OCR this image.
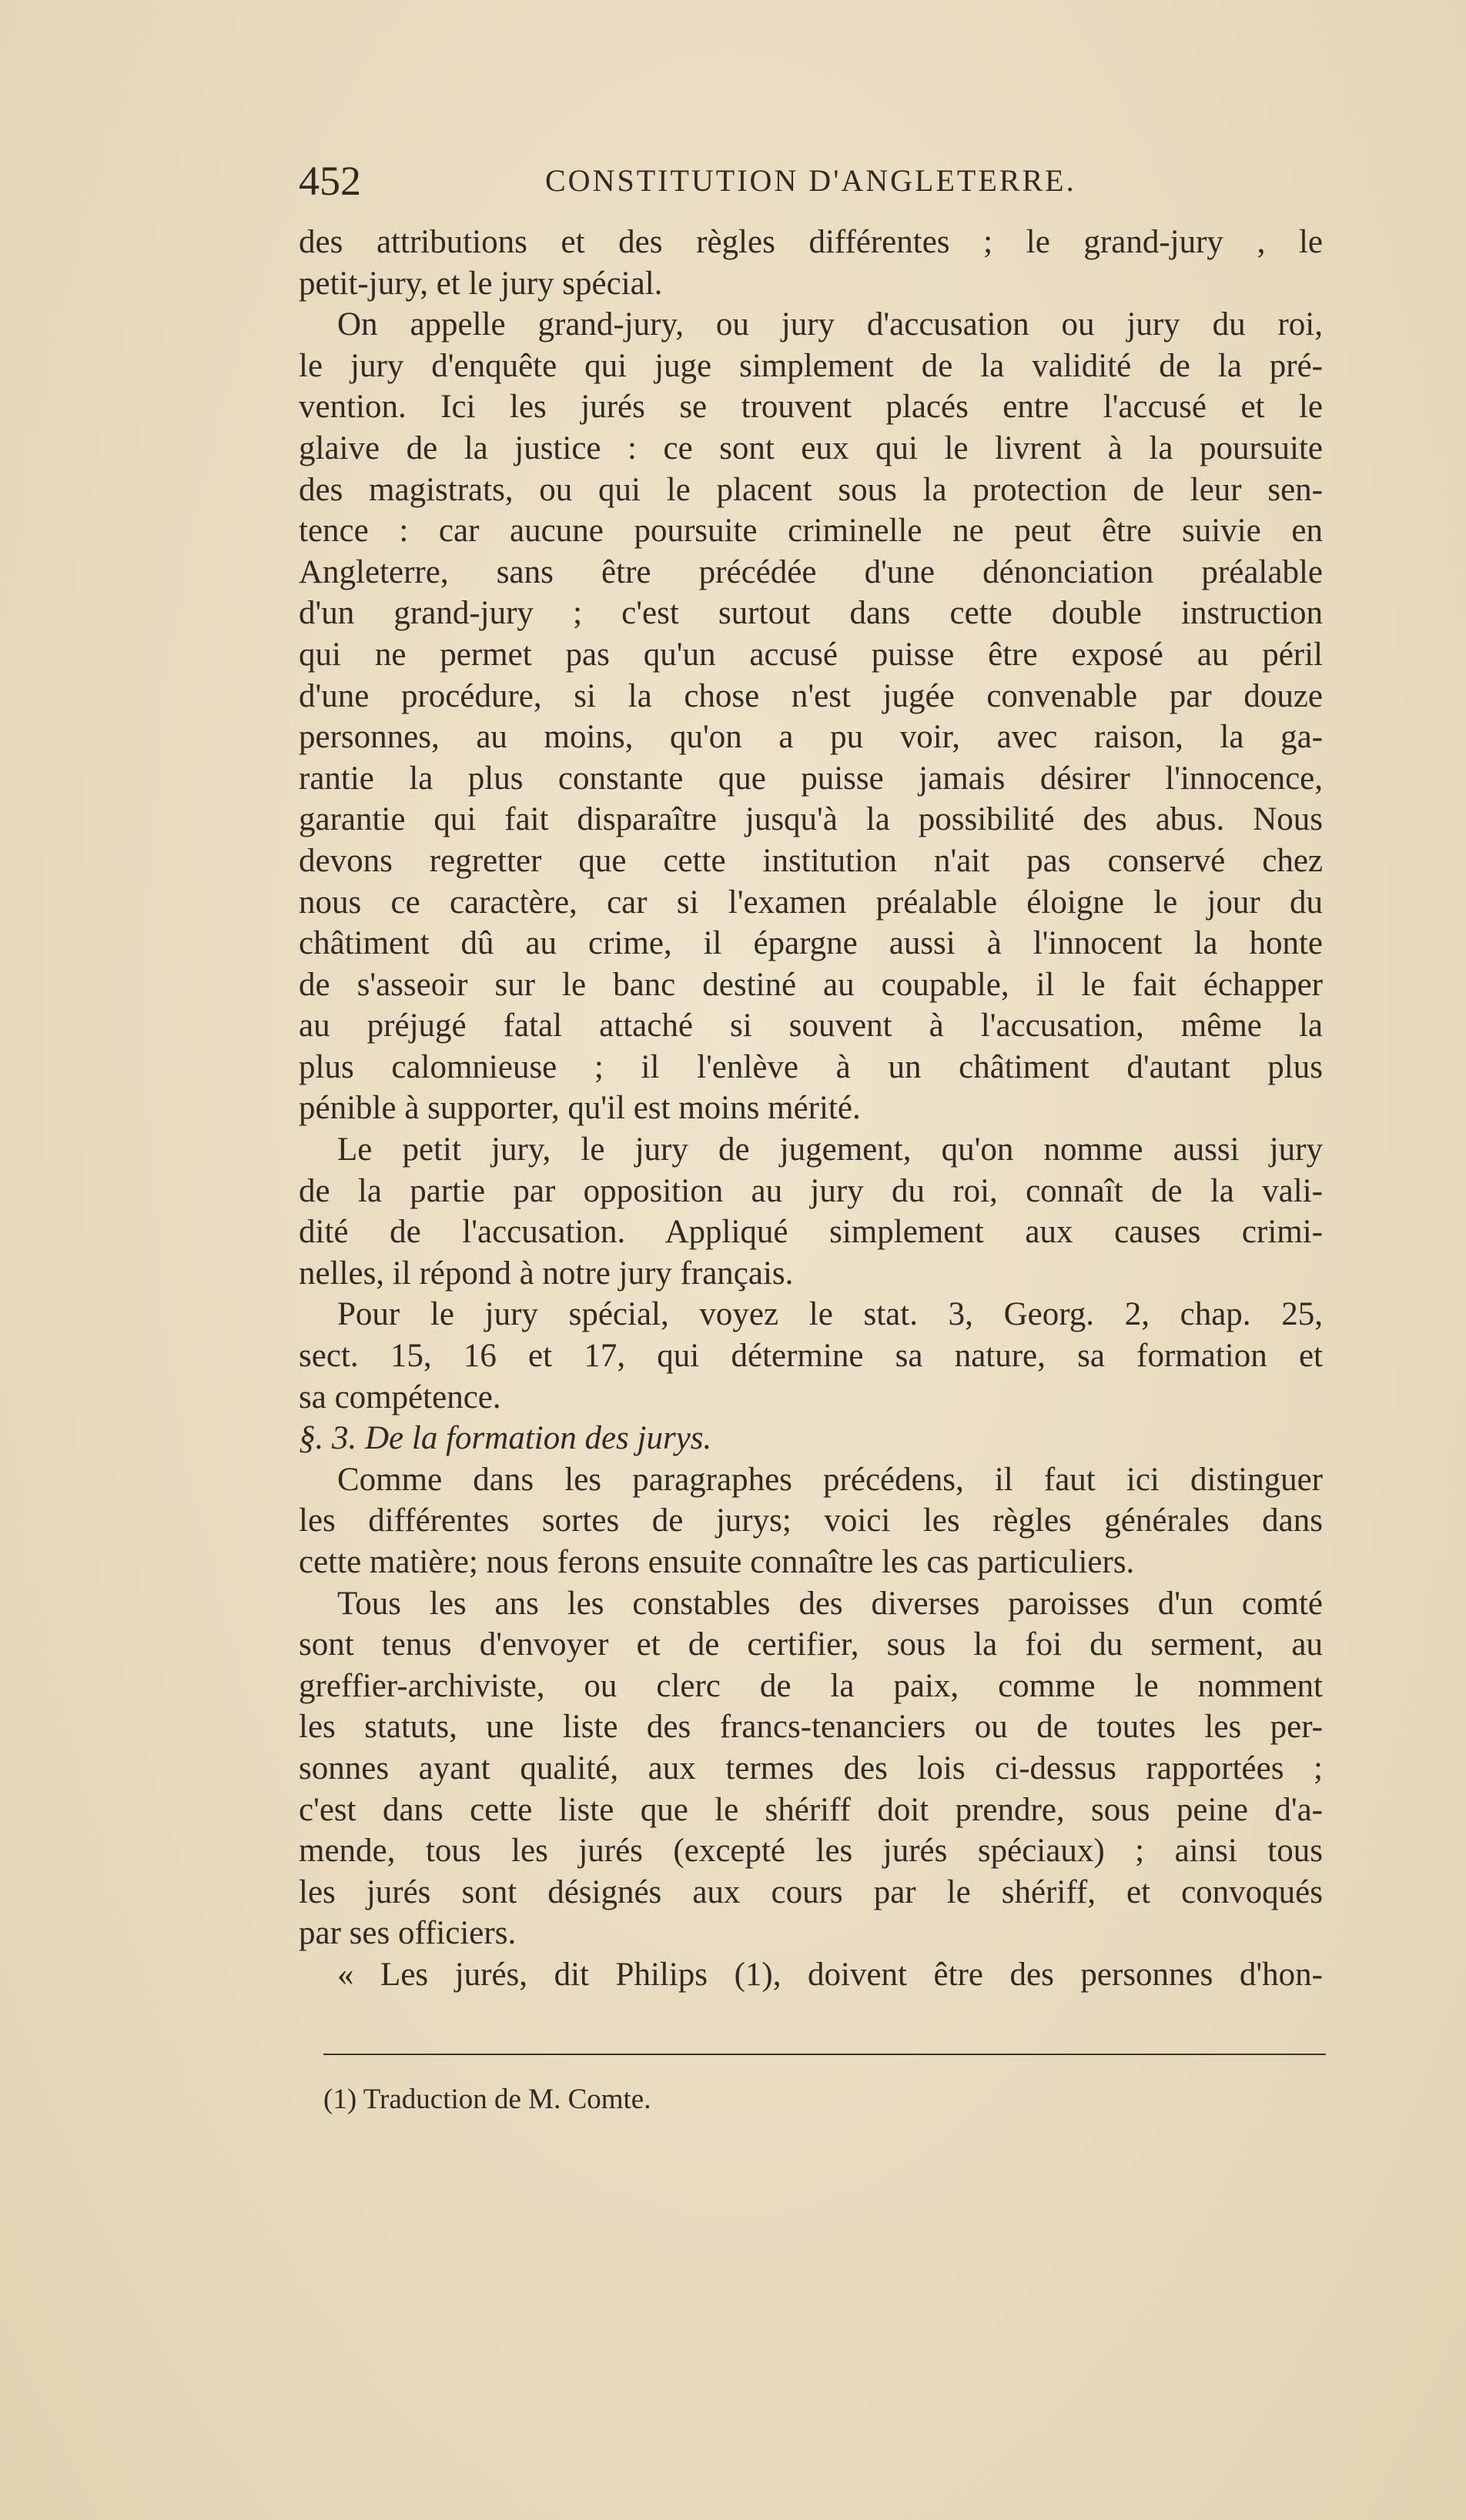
452	CONSTITUTION D'ANGLETERRE.
des attributions et des règles différentes ; le grand-jury , le
petit-jury, et le jury spécial.
On appelle grand-jury, ou jury d'accusation ou jury du roi,
le jury d'enquête qui juge simplement de la validité de la pré-
vention. Ici les jurés se trouvent placés entre l'accusé et le
glaive de la justice : ce sont eux qui le livrent à la poursuite
des magistrats, ou qui le placent sous la protection de leur sen-
tence : car aucune poursuite criminelle ne peut être suivie en
Angleterre, sans être précédée d'une dénonciation préalable
d'un grand-jury ; c'est surtout dans cette double instruction
qui ne permet pas qu'un accusé puisse être exposé au péril
d'une procédure, si la chose n'est jugée convenable par douze
personnes, au moins, qu'on a pu voir, avec raison, la ga-
rantie la plus constante que puisse jamais désirer l'innocence,
garantie qui fait disparaître jusqu'à la possibilité des abus. Nous
devons regretter que cette institution n'ait pas conservé chez
nous ce caractère, car si l'examen préalable éloigne le jour du
châtiment dû au crime, il épargne aussi à l'innocent la honte
de s'asseoir sur le banc destiné au coupable, il le fait échapper
au préjugé fatal attaché si souvent à l'accusation, même la
plus calomnieuse ; il l'enlève à un châtiment d'autant plus
pénible à supporter, qu'il est moins mérité.
Le petit jury, le jury de jugement, qu'on nomme aussi jury
de la partie par opposition au jury du roi, connaît de la vali-
dité de l'accusation. Appliqué simplement aux causes crimi-
nelles, il répond à notre jury français.
Pour le jury spécial, voyez le stat. 3, Georg. 2, chap. 25,
sect. 15, 16 et 17, qui détermine sa nature, sa formation et
sa compétence.
§. 3. De la formation des jurys.
Comme dans les paragraphes précédens, il faut ici distinguer
les différentes sortes de jurys; voici les règles générales dans
cette matière; nous ferons ensuite connaître les cas particuliers.
Tous les ans les constables des diverses paroisses d'un comté
sont tenus d'envoyer et de certifier, sous la foi du serment, au
greffier-archiviste, ou clerc de la paix, comme le nomment
les statuts, une liste des francs-tenanciers ou de toutes les per-
sonnes ayant qualité, aux termes des lois ci-dessus rapportées ;
c'est dans cette liste que le shériff doit prendre, sous peine d'a-
mende, tous les jurés (excepté les jurés spéciaux) ; ainsi tous
les jurés sont désignés aux cours par le shériff, et convoqués
par ses officiers.
« Les jurés, dit Philips (1), doivent être des personnes d'hon-
(1) Traduction de M. Comte.
